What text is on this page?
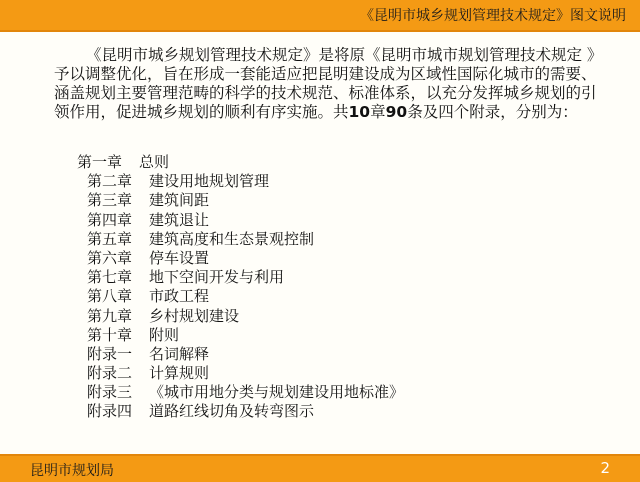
《昆明市城乡规划管理技术规定》图文说明
《昆明市城乡规划管理技术规定》是将原《昆明市城市规划管理技术规定 》予以调整优化，旨在形成一套能适应把昆明建设成为区域性国际化城市的需要、涵盖规划主要管理范畴的科学的技术规范、标准体系，以充分发挥城乡规划的引领作用，促进城乡规划的顺利有序实施。共10章90条及四个附录，分别为：
第一章 总则
第二章 建设用地规划管理
第三章 建筑间距
第四章 建筑退让
第五章 建筑高度和生态景观控制
第六章 停车设置
第七章 地下空间开发与利用
第八章 市政工程
第九章 乡村规划建设
第十章 附则
附录一 名词解释
附录二 计算规则
附录三 《城市用地分类与规划建设用地标准》
附录四 道路红线切角及转弯图示
昆明市规划局	2
